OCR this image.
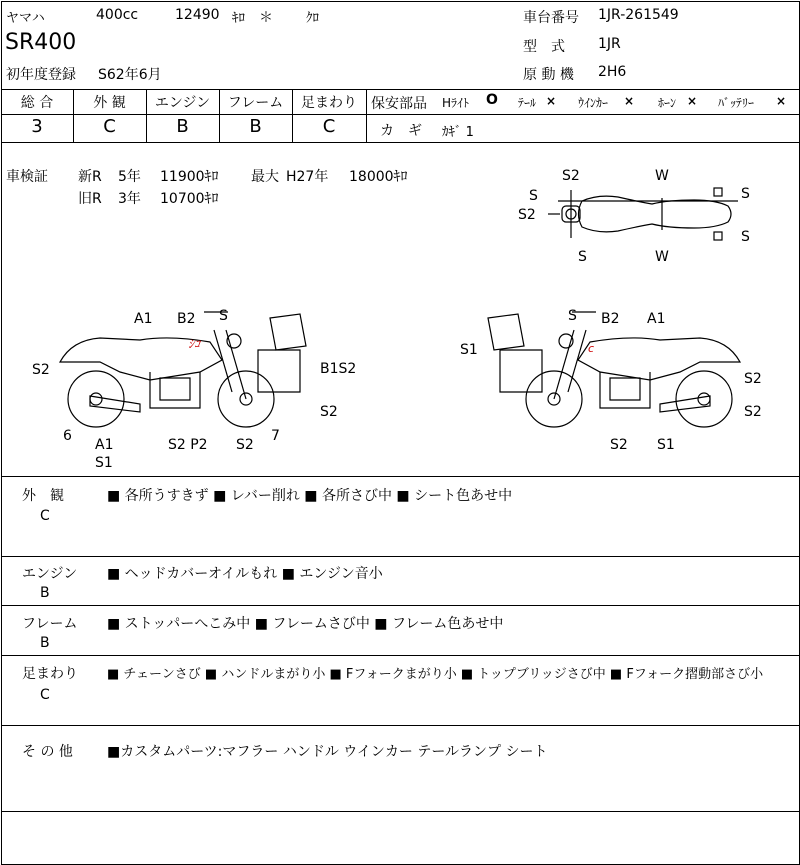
ヤマハ	400cc	12490 ｷﾛ ＊	ｸﾛ
SR400
初年度登録 S62年6月
車台番号 1JR-261549
型　式 1JR
原 動 機 2H6
総 合
3
外 観
C
エンジン
B
フレーム
B
足まわり
C
保安部品 Hﾗｲﾄ O ﾃｰﾙ × ｳｲﾝｶｰ × ﾎｰﾝ × ﾊﾞｯﾃﾘｰ ×
カ　ギ ｶｷﾞ 1
車検証 新R 5年 11900ｷﾛ 最大 H27年 18000ｷﾛ
旧R 3年 10700ｷﾛ
S2	W
S
S2
S
S
S	W
ｼｺ
A1 B2 S
S2	B1S2
S2
6
A1
S1
S2 P2 S2
7
c
S B2 A1
S1
S2
S2
S2 S1
外　観
C
■ 各所うすきず ■ レバー削れ ■ 各所さび中 ■ シート色あせ中
エンジン
B
■ ヘッドカバーオイルもれ ■ エンジン音小
フレーム
B
■ ストッパーへこみ中 ■ フレームさび中 ■ フレーム色あせ中
足まわり
C
■ チェーンさび ■ ハンドルまがり小 ■ Fフォークまがり小 ■ トップブリッジさび中 ■ Fフォーク摺動部さび小
そ の 他 ■カスタムパーツ:マフラー ハンドル ウインカー テールランプ シート
